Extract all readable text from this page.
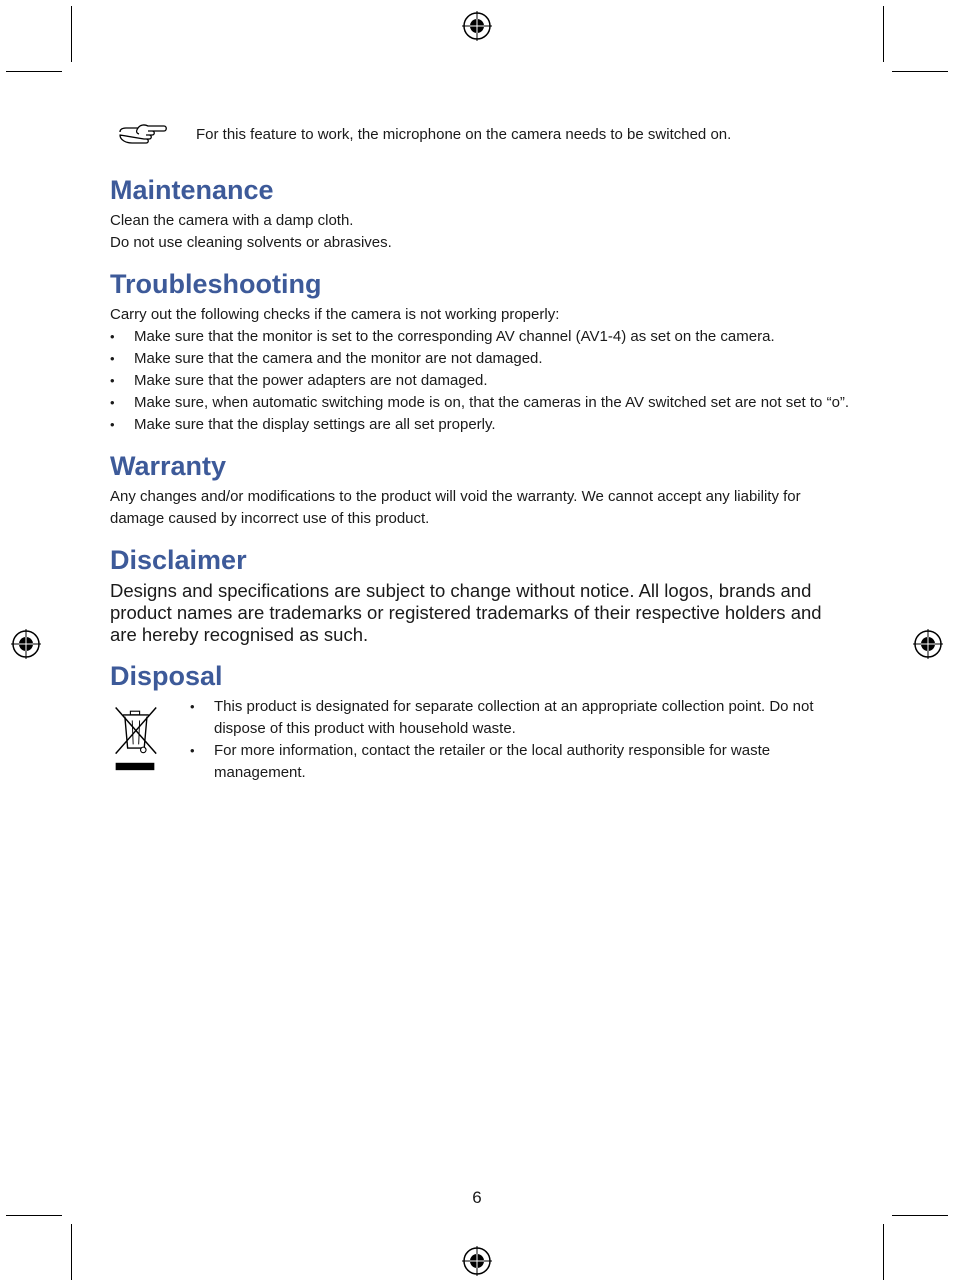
For this feature to work, the microphone on the camera needs to be switched on.
Maintenance

Clean the camera with a damp cloth.

Do not use cleaning solvents or abrasives.

Troubleshooting

Carry out the following checks if the camera is not working properly:

•	Make sure that the monitor is set to the corresponding AV channel (AV1-4) as set on the camera.
•	Make sure that the camera and the monitor are not damaged.
•	Make sure that the power adapters are not damaged.
•	Make sure, when automatic switching mode is on, that the cameras in the AV switched set are not set to “o”.
•	Make sure that the display settings are all set properly.
Warranty

Any changes and/or modifications to the product will void the warranty. We cannot accept any liability for damage caused by incorrect use of this product.

Disclaimer

Designs and specifications are subject to change without notice. All logos, brands and product names are trademarks or registered trademarks of their respective holders and are hereby recognised as such.

Disposal
•	This product is designated for separate collection at an appropriate collection point. Do not dispose of this product with household waste.
•	For more information, contact the retailer or the local authority responsible for waste management.
6
